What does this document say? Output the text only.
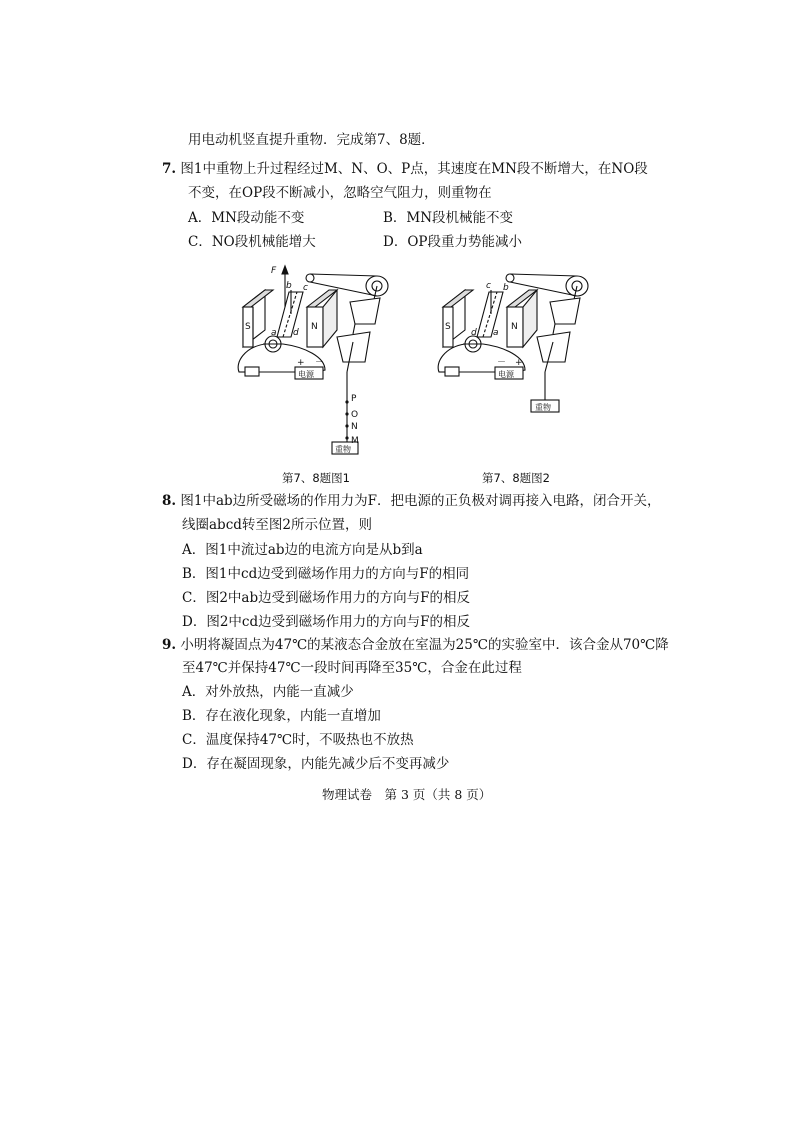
用电动机竖直提升重物．完成第7、8题．
7. 图1中重物上升过程经过M、N、O、P点，其速度在MN段不断增大，在NO段
不变，在OP段不断减小，忽略空气阻力，则重物在
A．MN段动能不变	B．MN段机械能不变
C．NO段机械能增大	D．OP段重力势能减小
F
b c
a d
S	N
+ －
电源
P
O
N
M
重物
第7、8题图1
c b
d a
S	N
－ +
电源
重物
第7、8题图2
8. 图1中ab边所受磁场的作用力为F．把电源的正负极对调再接入电路，闭合开关，
线圈abcd转至图2所示位置，则
A．图1中流过ab边的电流方向是从b到a
B．图1中cd边受到磁场作用力的方向与F的相同
C．图2中ab边受到磁场作用力的方向与F的相反
D．图2中cd边受到磁场作用力的方向与F的相反
9. 小明将凝固点为47℃的某液态合金放在室温为25℃的实验室中．该合金从70℃降
至47℃并保持47℃一段时间再降至35℃，合金在此过程
A．对外放热，内能一直减少
B．存在液化现象，内能一直增加
C．温度保持47℃时，不吸热也不放热
D．存在凝固现象，内能先减少后不变再减少
物理试卷　第 3 页（共 8 页）
